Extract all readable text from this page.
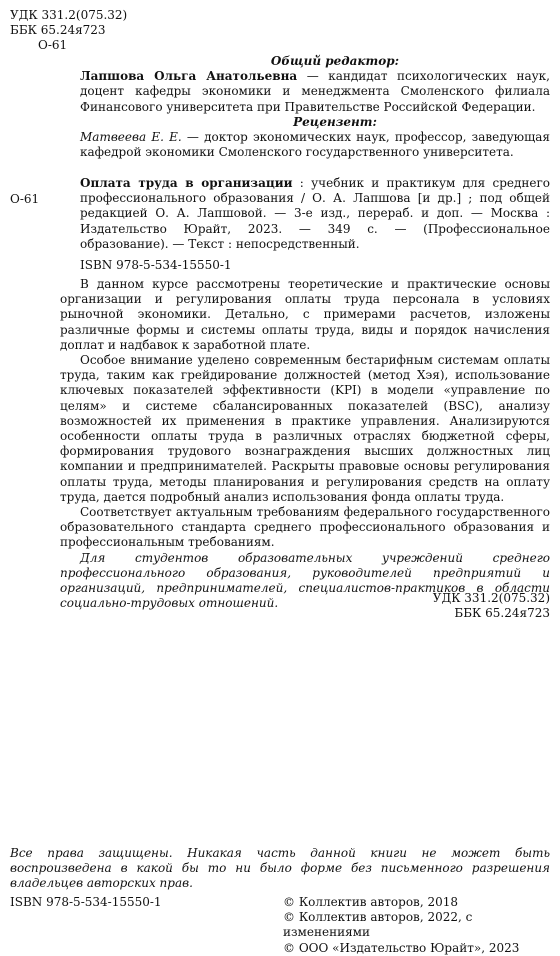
УДК 331.2(075.32)
ББК 65.24я723
О-61
Общий редактор:

Лапшова Ольга Анатольевна — кандидат психологических наук, доцент кафедры экономики и менеджмента Смоленского филиала Финансового университета при Правительстве Российской Федерации.

Рецензент:

Матвеева Е. Е. — доктор экономических наук, профессор, заведующая кафедрой экономики Смоленского государственного университета.

О-61

Оплата труда в организации : учебник и практикум для среднего профессионального образования / О. А. Лапшова [и др.] ; под общей редакцией О. А. Лапшовой. — 3-е изд., перераб. и доп. — Москва : Издательство Юрайт, 2023. — 349 с. — (Профессиональное образование). — Текст : непосредственный.

ISBN 978-5-534-15550-1

В данном курсе рассмотрены теоретические и практические основы организации и регулирования оплаты труда персонала в условиях рыночной экономики. Детально, с примерами расчетов, изложены различные формы и системы оплаты труда, виды и порядок начисления доплат и надбавок к заработной плате.

Особое внимание уделено современным бестарифным системам оплаты труда, таким как грейдирование должностей (метод Хэя), использование ключевых показателей эффективности (KPI) в модели «управление по целям» и системе сбалансированных показателей (BSC), анализу возможностей их применения в практике управления. Анализируются особенности оплаты труда в различных отраслях бюджетной сферы, формирования трудового вознаграждения высших должностных лиц компании и предпринимателей. Раскрыты правовые основы регулирования оплаты труда, методы планирования и регулирования средств на оплату труда, дается подробный анализ использования фонда оплаты труда.

Соответствует актуальным требованиям федерального государственного образовательного стандарта среднего профессионального образования и профессиональным требованиям.

Для студентов образовательных учреждений среднего профессионального образования, руководителей предприятий и организаций, предпринимателей, специалистов-практиков в области социально-трудовых отношений.	УДК 331.2(075.32)
ББК 65.24я723
Все права защищены. Никакая часть данной книги не может быть воспроизведена в какой бы то ни было форме без письменного разрешения владельцев авторских прав.
ISBN 978-5-534-15550-1	© Коллектив авторов, 2018
© Коллектив авторов, 2022, с изменениями
© ООО «Издательство Юрайт», 2023
